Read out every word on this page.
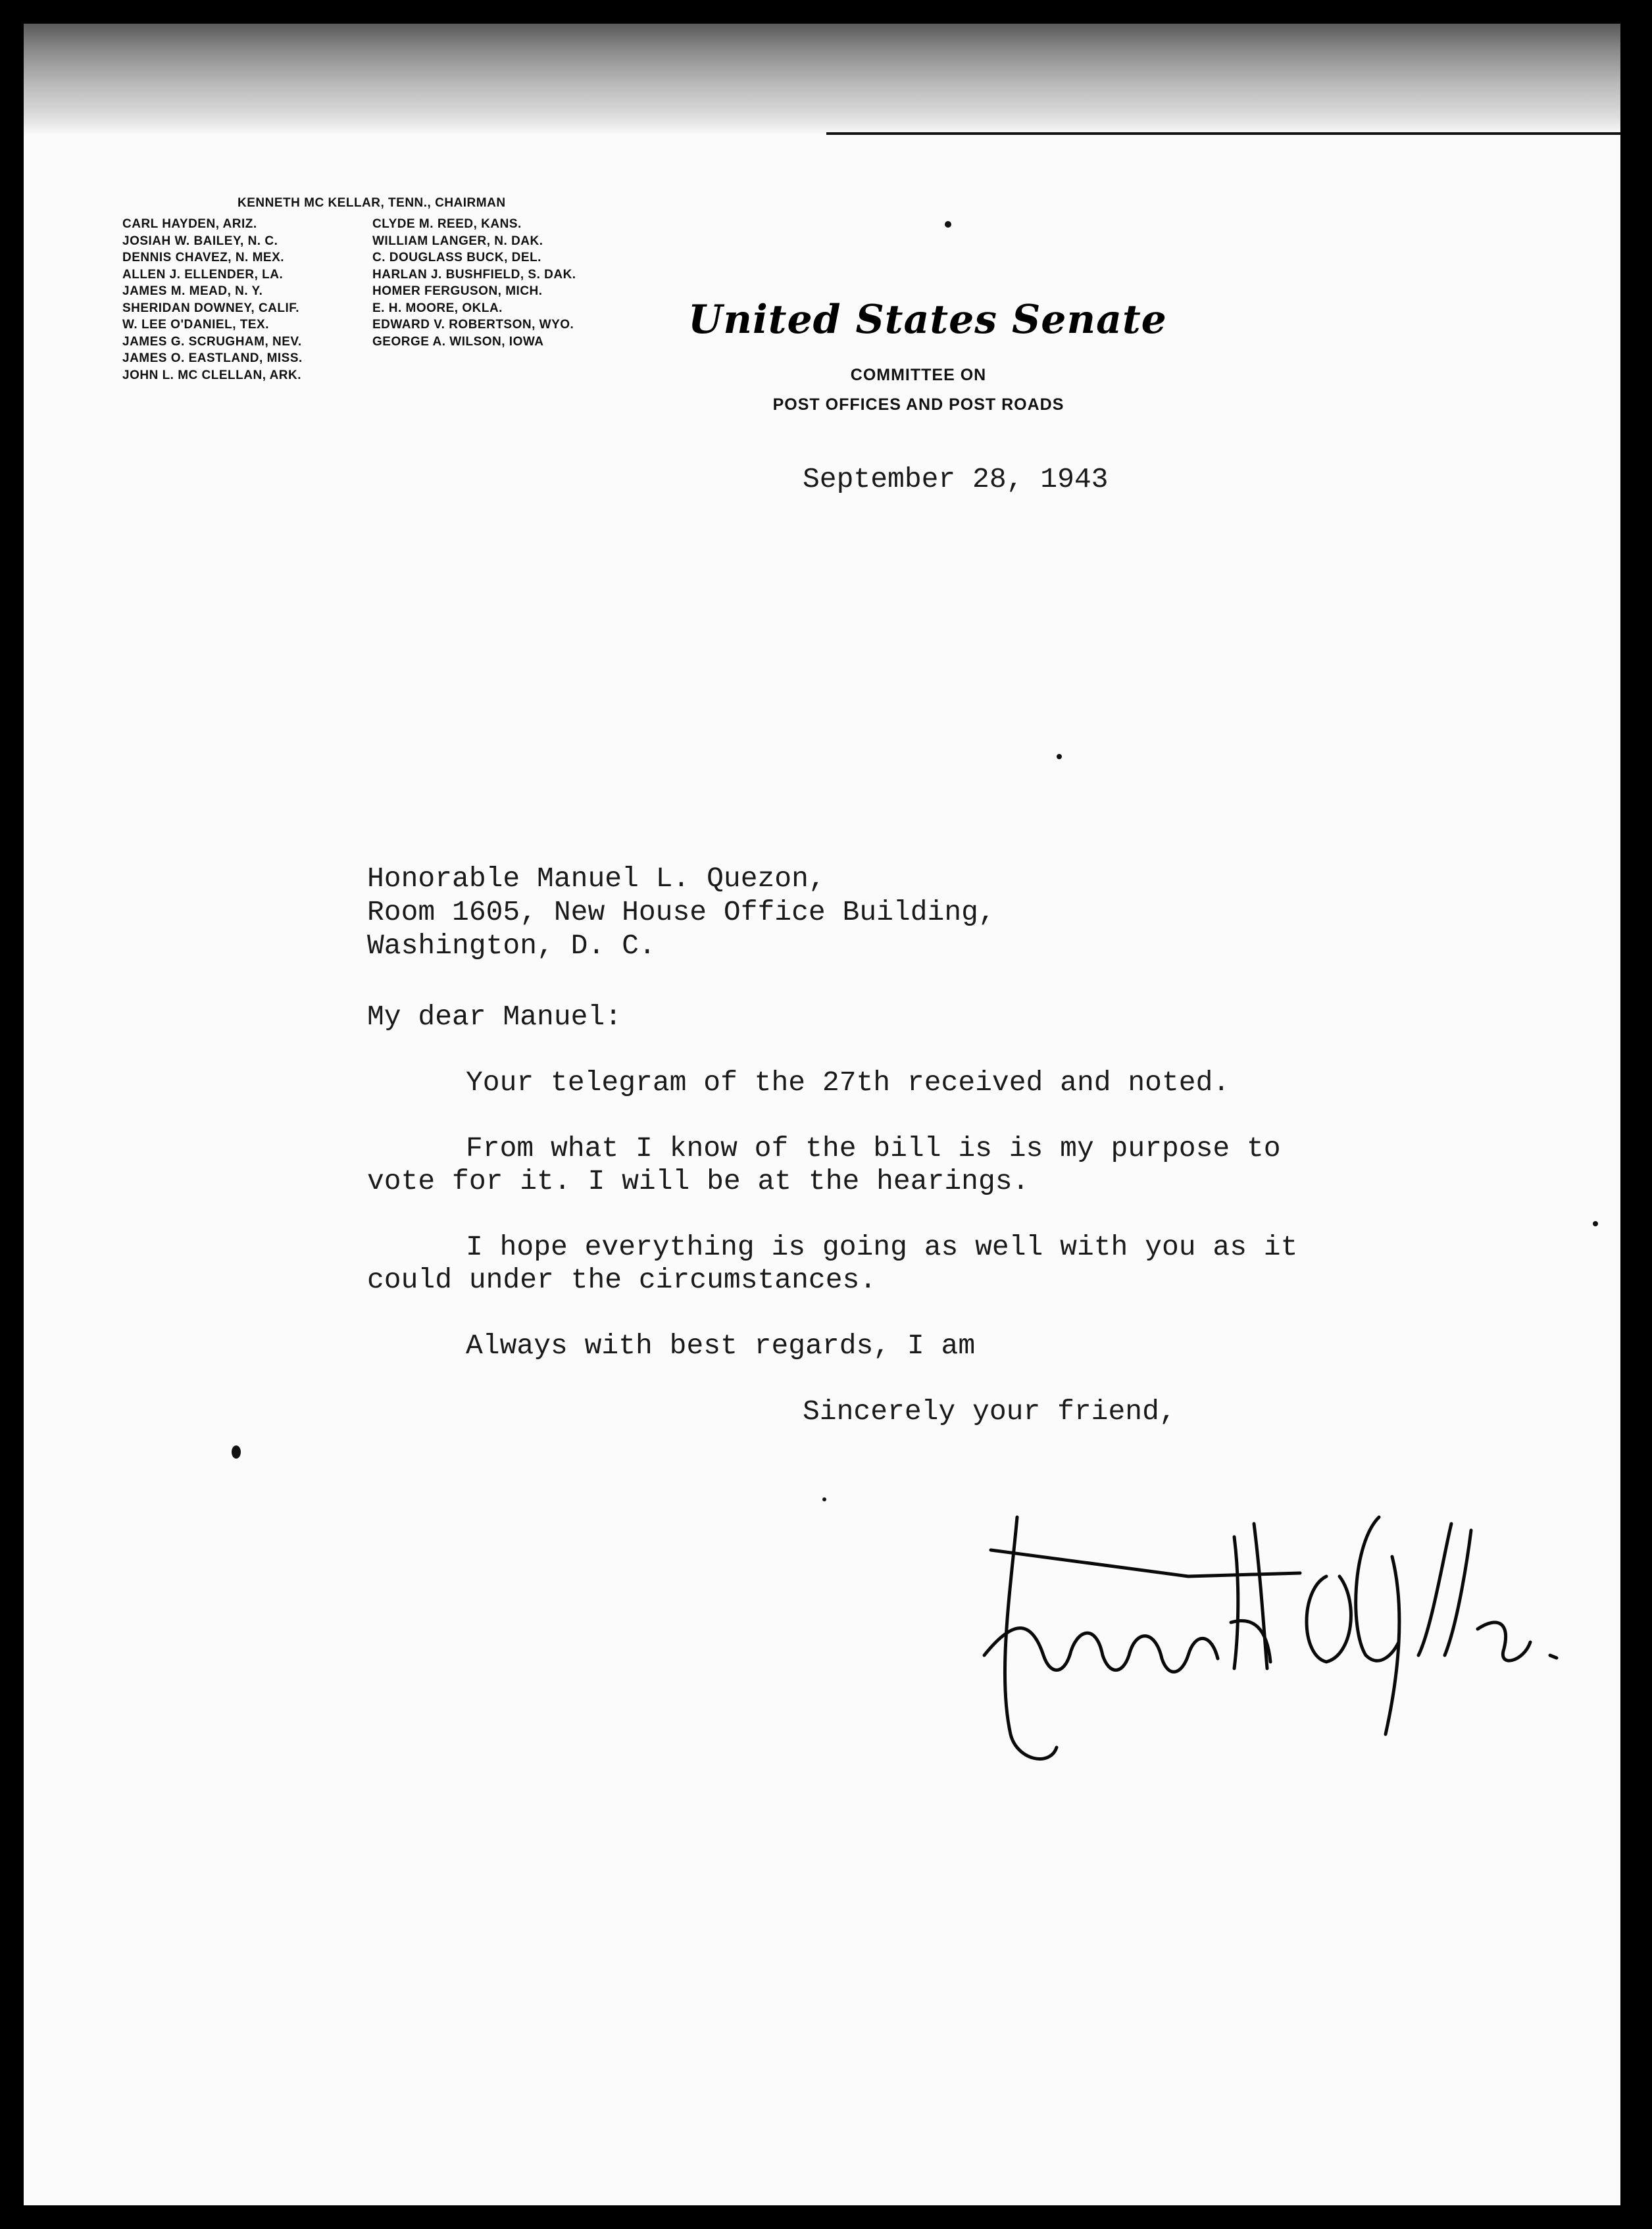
KENNETH MC KELLAR, TENN., CHAIRMAN
CARL HAYDEN, ARIZ.
JOSIAH W. BAILEY, N. C.
DENNIS CHAVEZ, N. MEX.
ALLEN J. ELLENDER, LA.
JAMES M. MEAD, N. Y.
SHERIDAN DOWNEY, CALIF.
W. LEE O'DANIEL, TEX.
JAMES G. SCRUGHAM, NEV.
JAMES O. EASTLAND, MISS.
JOHN L. MC CLELLAN, ARK.
CLYDE M. REED, KANS.
WILLIAM LANGER, N. DAK.
C. DOUGLASS BUCK, DEL.
HARLAN J. BUSHFIELD, S. DAK.
HOMER FERGUSON, MICH.
E. H. MOORE, OKLA.
EDWARD V. ROBERTSON, WYO.
GEORGE A. WILSON, IOWA	United States Senate
COMMITTEE ON
POST OFFICES AND POST ROADS
September 28, 1943
Honorable Manuel L. Quezon,
Room 1605, New House Office Building,
Washington, D. C.
My dear Manuel:
Your telegram of the 27th received and noted.
From what I know of the bill is is my purpose to
vote for it. I will be at the hearings.
I hope everything is going as well with you as it
could under the circumstances.
Always with best regards, I am
Sincerely your friend,
